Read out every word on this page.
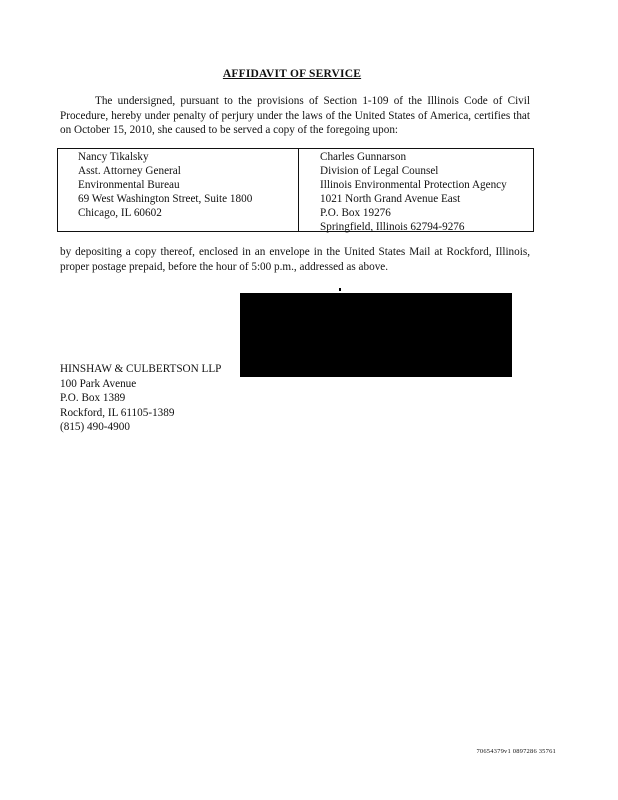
AFFIDAVIT OF SERVICE
The undersigned, pursuant to the provisions of Section 1-109 of the Illinois Code of Civil Procedure, hereby under penalty of perjury under the laws of the United States of America, certifies that on October 15, 2010, she caused to be served a copy of the foregoing upon:
Nancy Tikalsky
Asst. Attorney General
Environmental Bureau
69 West Washington Street, Suite 1800
Chicago, IL 60602
Charles Gunnarson
Division of Legal Counsel
Illinois Environmental Protection Agency
1021 North Grand Avenue East
P.O. Box 19276
Springfield, Illinois 62794-9276
by depositing a copy thereof, enclosed in an envelope in the United States Mail at Rockford, Illinois, proper postage prepaid, before the hour of 5:00 p.m., addressed as above.
HINSHAW & CULBERTSON LLP
100 Park Avenue
P.O. Box 1389
Rockford, IL 61105-1389
(815) 490-4900
70654379v1 0897286 35761
